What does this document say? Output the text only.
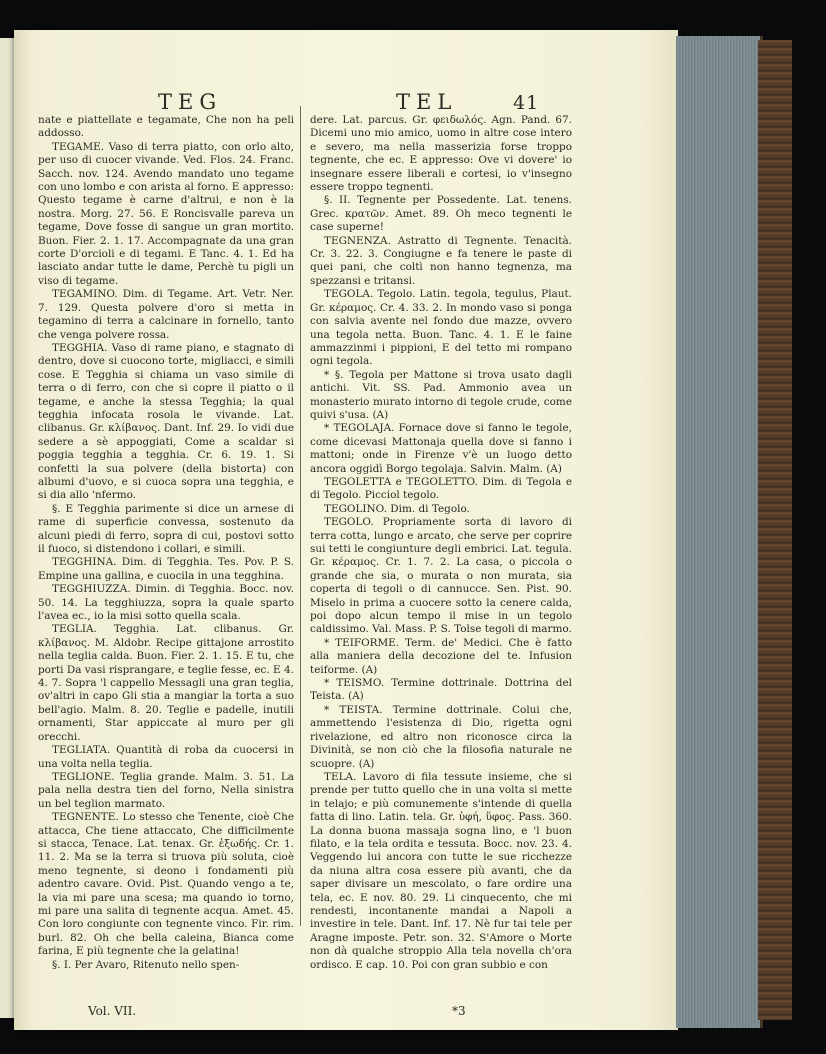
TEG	TEL	41

nate e piattellate e tegamate, Che non ha peli addosso.

TEGAME. Vaso di terra piatto, con orlo alto, per uso di cuocer vivande. Ved. Flos. 24. Franc. Sacch. nov. 124. Avendo mandato uno tegame con uno lombo e con arista al forno. E appresso: Questo tegame è carne d'altrui, e non è la nostra. Morg. 27. 56. E Roncisvalle pareva un tegame, Dove fosse di sangue un gran mortito. Buon. Fier. 2. 1. 17. Accompagnate da una gran corte D'orcioli e di tegami. E Tanc. 4. 1. Ed ha lasciato andar tutte le dame, Perchè tu pigli un viso di tegame.

TEGAMINO. Dim. di Tegame. Art. Vetr. Ner. 7. 129. Questa polvere d'oro si metta in tegamino di terra a calcinare in fornello, tanto che venga polvere rossa.

TEGGHIA. Vaso di rame piano, e stagnato di dentro, dove si cuocono torte, migliacci, e simili cose. E Tegghia si chiama un vaso simile di terra o di ferro, con che si copre il piatto o il tegame, e anche la stessa Tegghia; la qual tegghia infocata rosola le vivande. Lat. clibanus. Gr. κλίβανος. Dant. Inf. 29. Io vidi due sedere a sè appoggiati, Come a scaldar si poggia tegghia a tegghia. Cr. 6. 19. 1. Si confetti la sua polvere (della bistorta) con albumi d'uovo, e si cuoca sopra una tegghia, e si dia allo 'nfermo.

§. E Tegghia parimente si dice un arnese di rame di superficie convessa, sostenuto da alcuni piedi di ferro, sopra di cui, postovi sotto il fuoco, si distendono i collari, e simili.

TEGGHINA. Dim. di Tegghia. Tes. Pov. P. S. Empine una gallina, e cuocila in una tegghina.

TEGGHIUZZA. Dimin. di Tegghia. Bocc. nov. 50. 14. La tegghiuzza, sopra la quale spartо l'avea ec., io la misi sotto quella scala.

TEGLIA. Tegghia. Lat. clibanus. Gr. κλίβανος. M. Aldobr. Recipe gittajone arrostito nella teglia calda. Buon. Fier. 2. 1. 15. E tu, che porti Da vasi risprangare, e teglie fesse, ec. E 4. 4. 7. Sopra 'l cappello Messagli una gran teglia, ov'altri in capo Gli stia a mangiar la torta a suo bell'agio. Malm. 8. 20. Teglie e padelle, inutili ornamenti, Star appiccate al muro per gli orecchi.

TEGLIATA. Quantità di roba da cuocersi in una volta nella teglia.

TEGLIONE. Teglia grande. Malm. 3. 51. La pala nella destra tien del forno, Nella sinistra un bel teglion marmato.

TEGNENTE. Lo stesso che Tenente, cioè Che attacca, Che tiene attaccato, Che difficilmente si stacca, Tenace. Lat. tenax. Gr. ἑξωδής. Cr. 1. 11. 2. Ma se la terra si truova più soluta, cioè meno tegnente, si deono i fondamenti più adentro cavare. Ovid. Pist. Quando vengo a te, la via mi pare una scesa; ma quando io torno, mi pare una salita di tegnente acqua. Amet. 45. Con loro congiunte con tegnente vinco. Fir. rim. burl. 82. Oh che bella caleina, Bianca come farina, E più tegnente che la gelatina!

§. I. Per Avaro, Ritenuto nello spen-

dere. Lat. parcus. Gr. φειδωλός. Agn. Pand. 67. Dicemi uno mio amico, uomo in altre cose intero e severo, ma nella masserizia forse troppo tegnente, che ec. E appresso: Ove vi dovere' io insegnare essere liberali e cortesi, io v'insegno essere troppo tegnenti.

§. II. Tegnente per Possedente. Lat. tenens. Grec. κρατῶν. Amet. 89. Oh meco tegnenti le case superne!

TEGNENZA. Astratto di Tegnente. Tenacità. Cr. 3. 22. 3. Congiugne e fa tenere le paste di quei pani, che coltì non hanno tegnenza, ma spezzansi e tritansi.

TEGOLA. Tegolo. Latin. tegola, tegulus, Plaut. Gr. κέραμος. Cr. 4. 33. 2. In mondo vaso si ponga con salvia avente nel fondo due mazze, ovvero una tegola netta. Buon. Tanc. 4. 1. E le faine ammazzinmi i pippioni, E del tetto mi rompano ogni tegola.

* §. Tegola per Mattone si trova usato dagli antichi. Vit. SS. Pad. Ammonio avea un monasterio murato intorno di tegole crude, come quivi s'usa. (A)

* TEGOLAJA. Fornace dove si fanno le tegole, come dicevasi Mattonaja quella dove si fanno i mattoni; onde in Firenze v'è un luogo detto ancora oggidì Borgo tegolaja. Salvin. Malm. (A)

TEGOLETTA e TEGOLETTO. Dim. di Tegola e di Tegolo. Picciol tegolo.

TEGOLINO. Dim. di Tegolo.

TEGOLO. Propriamente sorta di lavoro di terra cotta, lungo e arcato, che serve per coprire sui tetti le congiunture degli embrici. Lat. tegula. Gr. κέραμος. Cr. 1. 7. 2. La casa, o piccola o grande che sia, o murata o non murata, sia coperta di tegoli o di cannucce. Sen. Pist. 90. Miselo in prima a cuocere sotto la cenere calda, poi dopo alcun tempo il mise in un tegolo caldissimo. Val. Mass. P. S. Tolse tegoli di marmo.

* TEIFORME. Term. de' Medici. Che è fatto alla maniera della decozione del te. Infusion teiforme. (A)

* TEISMO. Termine dottrinale. Dottrina del Teista. (A)

* TEISTA. Termine dottrinale. Colui che, ammettendo l'esistenza di Dio, rigetta ogni rivelazione, ed altro non riconosce circa la Divinità, se non ciò che la filosofia naturale ne scuopre. (A)

TELA. Lavoro di fila tessute insieme, che si prende per tutto quello che in una volta si mette in telajo; e più comunemente s'intende di quella fatta di lino. Latin. tela. Gr. ὑφή, ὕφος. Pass. 360. La donna buona massaja sogna lino, e 'l buon filato, e la tela ordita e tessuta. Bocc. nov. 23. 4. Veggendo lui ancora con tutte le sue ricchezze da niuna altra cosa essere più avanti, che da saper divisare un mescolato, o fare ordire una tela, ec. E nov. 80. 29. Li cinquecento, che mi rendesti, incontanente mandai a Napoli a investire in tele. Dant. Inf. 17. Nè fur tai tele per Aragne imposte. Petr. son. 32. S'Amore o Morte non dà qualche stroppio Alla tela novella ch'ora ordisco. E cap. 10. Poi con gran subbio e con

Vol. VII.	*3
